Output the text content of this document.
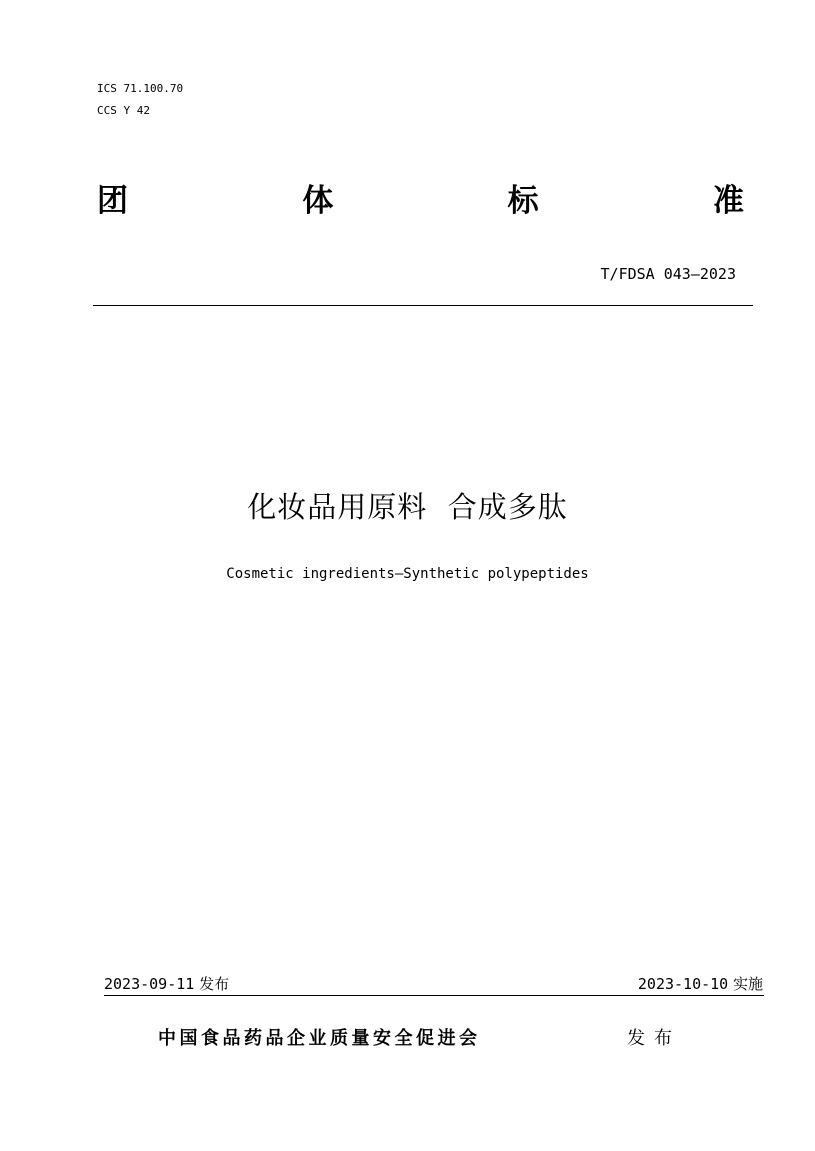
ICS 71.100.70
CCS Y 42
团	体	标	准
T/FDSA 043—2023
化妆品用原料  合成多肽
Cosmetic ingredients—Synthetic polypeptides
2023-09-11 发布	2023-10-10 实施
中国食品药品企业质量安全促进会	发布
